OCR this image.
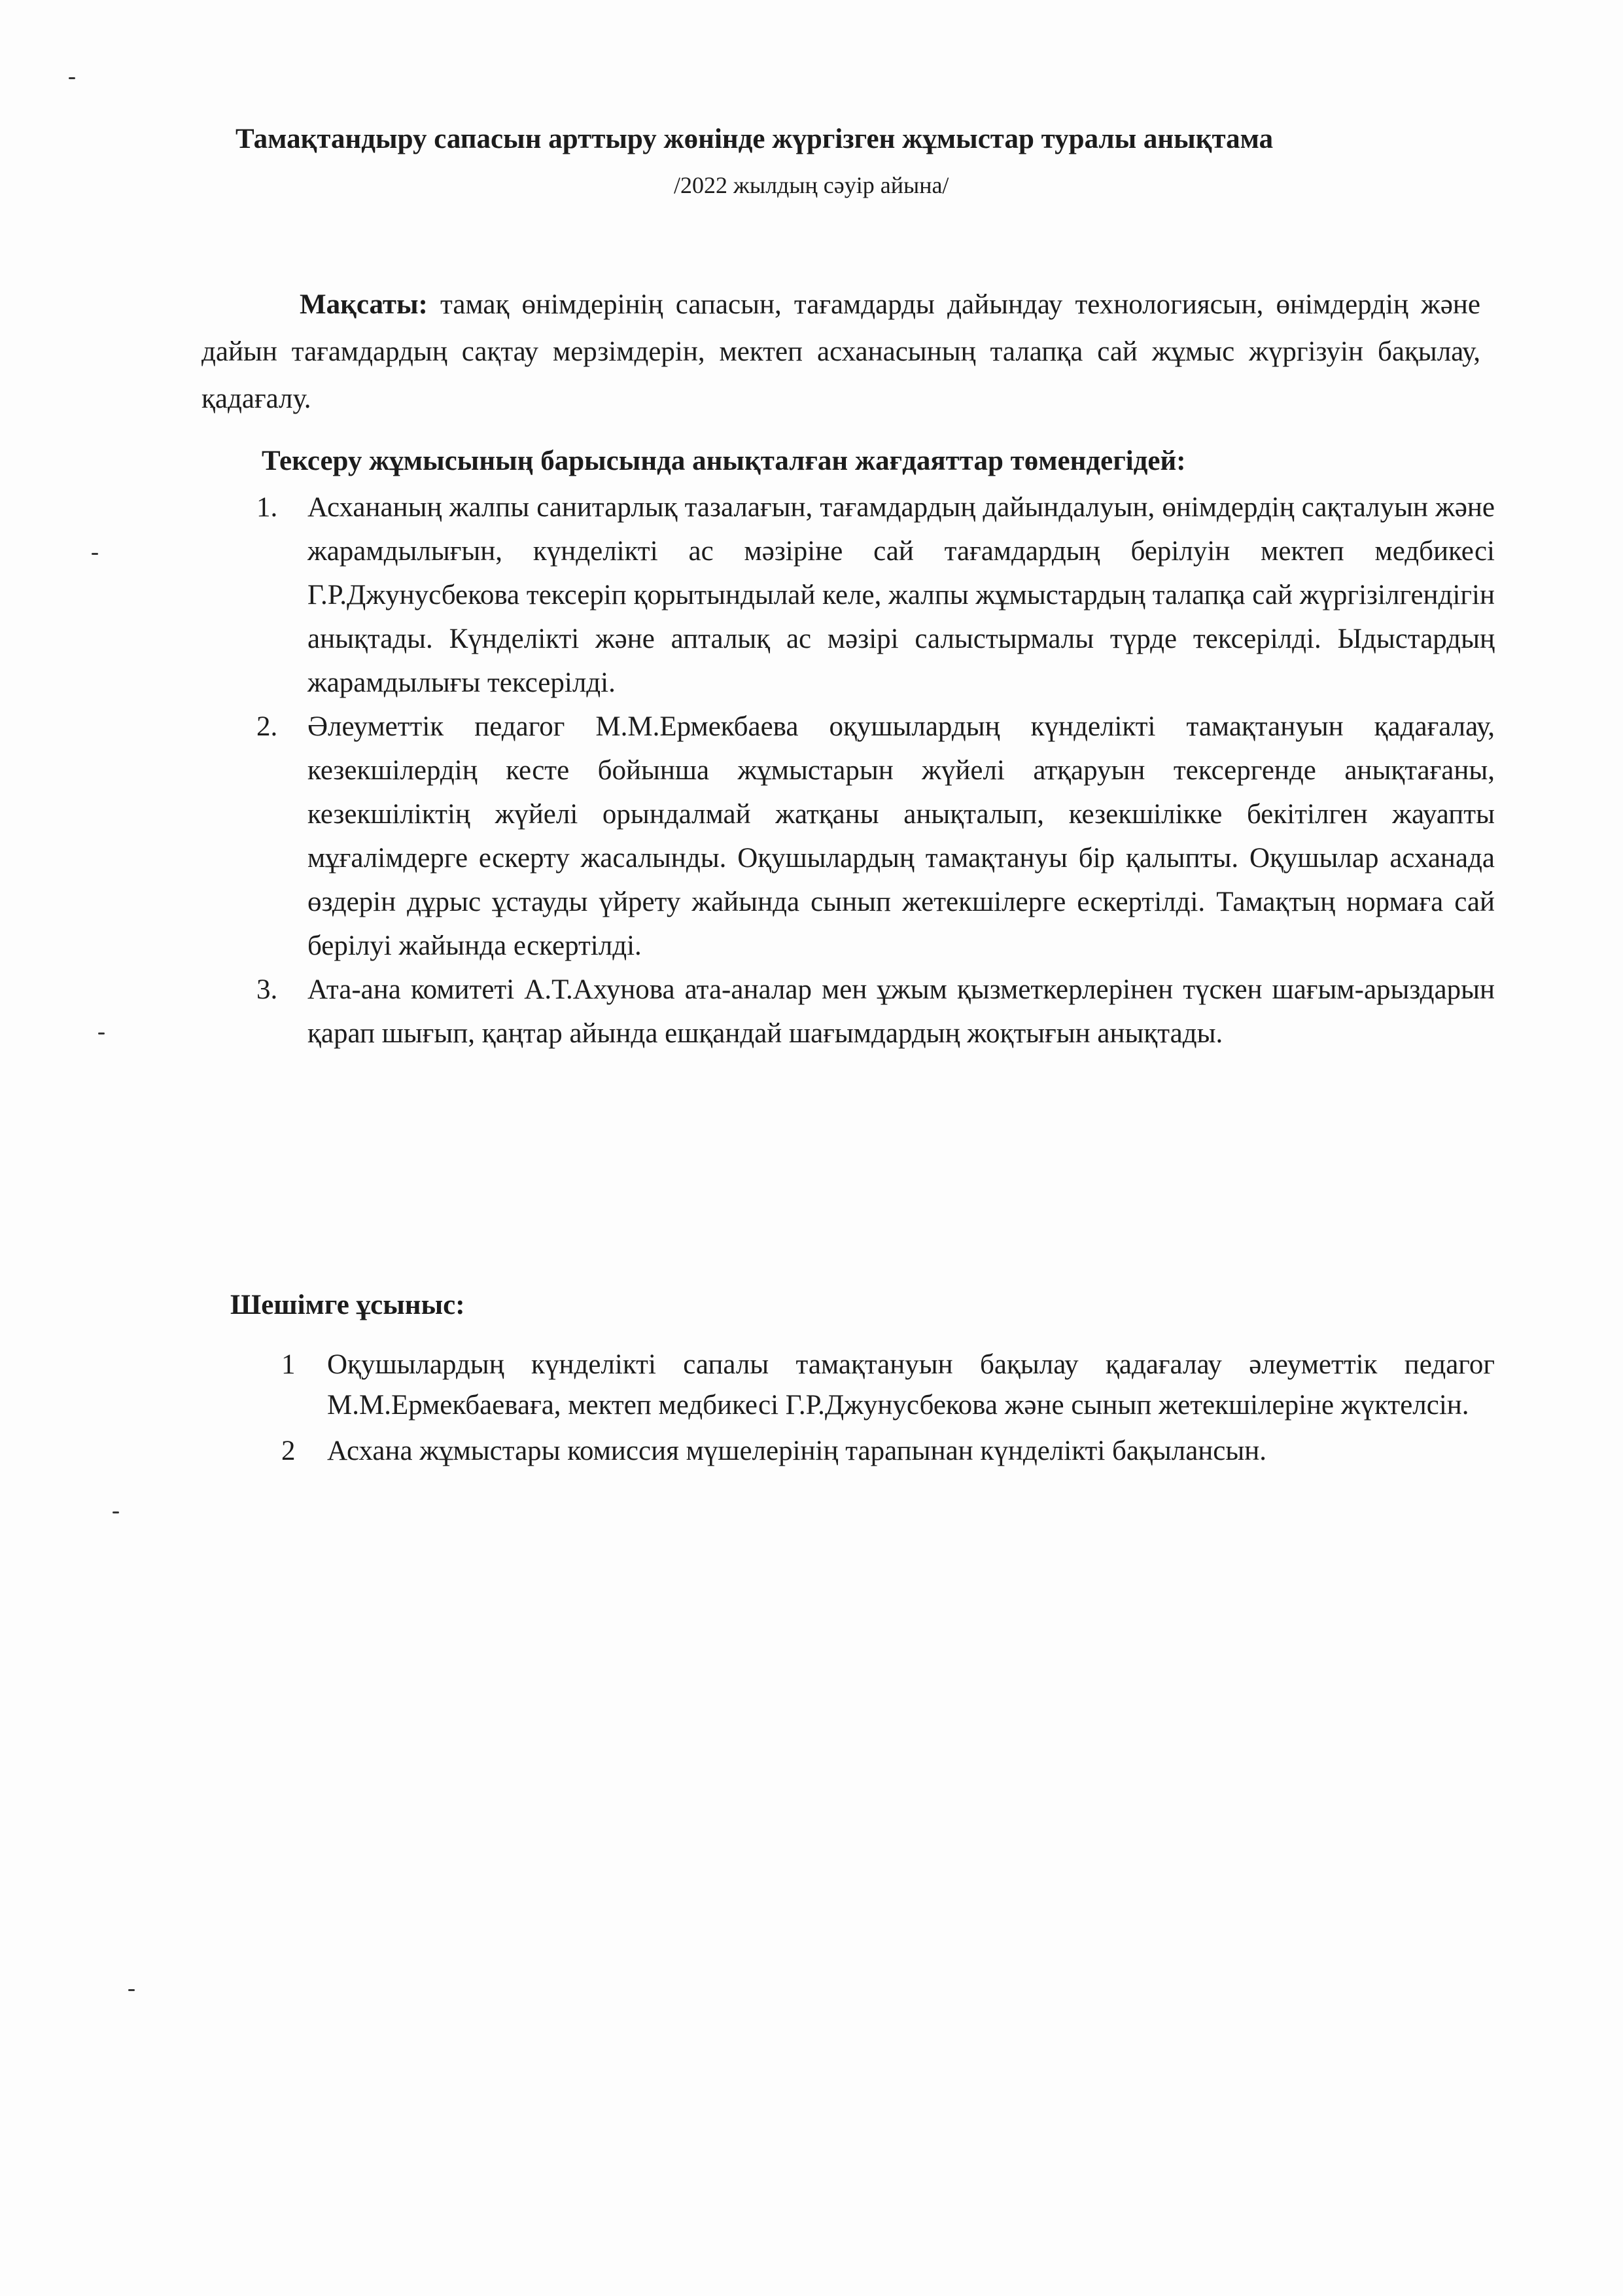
Тамақтандыру сапасын арттыру жөнінде жүргізген жұмыстар туралы анықтама
/2022 жылдың сәуір айына/

Мақсаты: тамақ өнімдерінің сапасын, тағамдарды дайындау технологиясын, өнімдердің және дайын тағамдардың сақтау мерзімдерін, мектеп асханасының талапқа сай жұмыс жүргізуін бақылау, қадағалу.

Тексеру жұмысының барысында анықталған жағдаяттар төмендегідей:
1. Асхананың жалпы санитарлық тазалағын, тағамдардың дайындалуын, өнімдердің сақталуын және жарамдылығын, күнделікті ас мәзіріне сай тағамдардың берілуін мектеп медбикесі Г.Р.Джунусбекова тексеріп қорытындылай келе, жалпы жұмыстардың талапқа сай жүргізілгендігін анықтады. Күнделікті және апталық ас мәзірі салыстырмалы түрде тексерілді. Ыдыстардың жарамдылығы тексерілді.
2. Әлеуметтік педагог М.М.Ермекбаева оқушылардың күнделікті тамақтануын қадағалау, кезекшілердің кесте бойынша жұмыстарын жүйелі атқаруын тексергенде анықтағаны, кезекшіліктің жүйелі орындалмай жатқаны анықталып, кезекшілікке бекітілген жауапты мұғалімдерге ескерту жасалынды. Оқушылардың тамақтануы бір қалыпты. Оқушылар асханада өздерін дұрыс ұстауды үйрету жайында сынып жетекшілерге ескертілді. Тамақтың нормаға сай берілуі жайында ескертілді.
3. Ата-ана комитеті А.Т.Ахунова ата-аналар мен ұжым қызметкерлерінен түскен шағым-арыздарын қарап шығып, қаңтар айында ешқандай шағымдардың жоқтығын анықтады.
Шешімге ұсыныс:
1 Оқушылардың күнделікті сапалы тамақтануын бақылау қадағалау әлеуметтік педагог М.М.Ермекбаеваға, мектеп медбикесі Г.Р.Джунусбекова және сынып жетекшілеріне жүктелсін.
2 Асхана жұмыстары комиссия мүшелерінің тарапынан күнделікті бақылансын.
